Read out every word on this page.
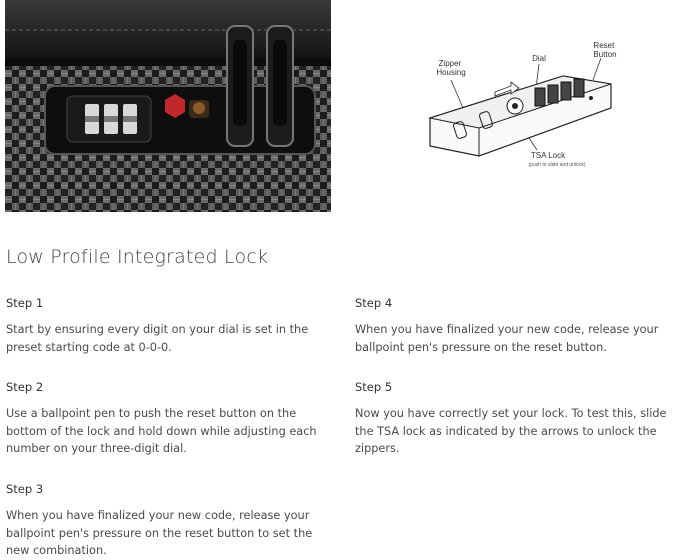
Zipper Housing
Dial
Reset Button
TSA Lock
(push to slide and unlock)
Low Profile Integrated Lock

Step 1

Start by ensuring every digit on your dial is set in the preset starting code at 0-0-0.

Step 2

Use a ballpoint pen to push the reset button on the bottom of the lock and hold down while adjusting each number on your three-digit dial.

Step 3

When you have finalized your new code, release your ballpoint pen's pressure on the reset button to set the new combination.

Step 4

When you have finalized your new code, release your ballpoint pen's pressure on the reset button.

Step 5

Now you have correctly set your lock. To test this, slide the TSA lock as indicated by the arrows to unlock the zippers.
